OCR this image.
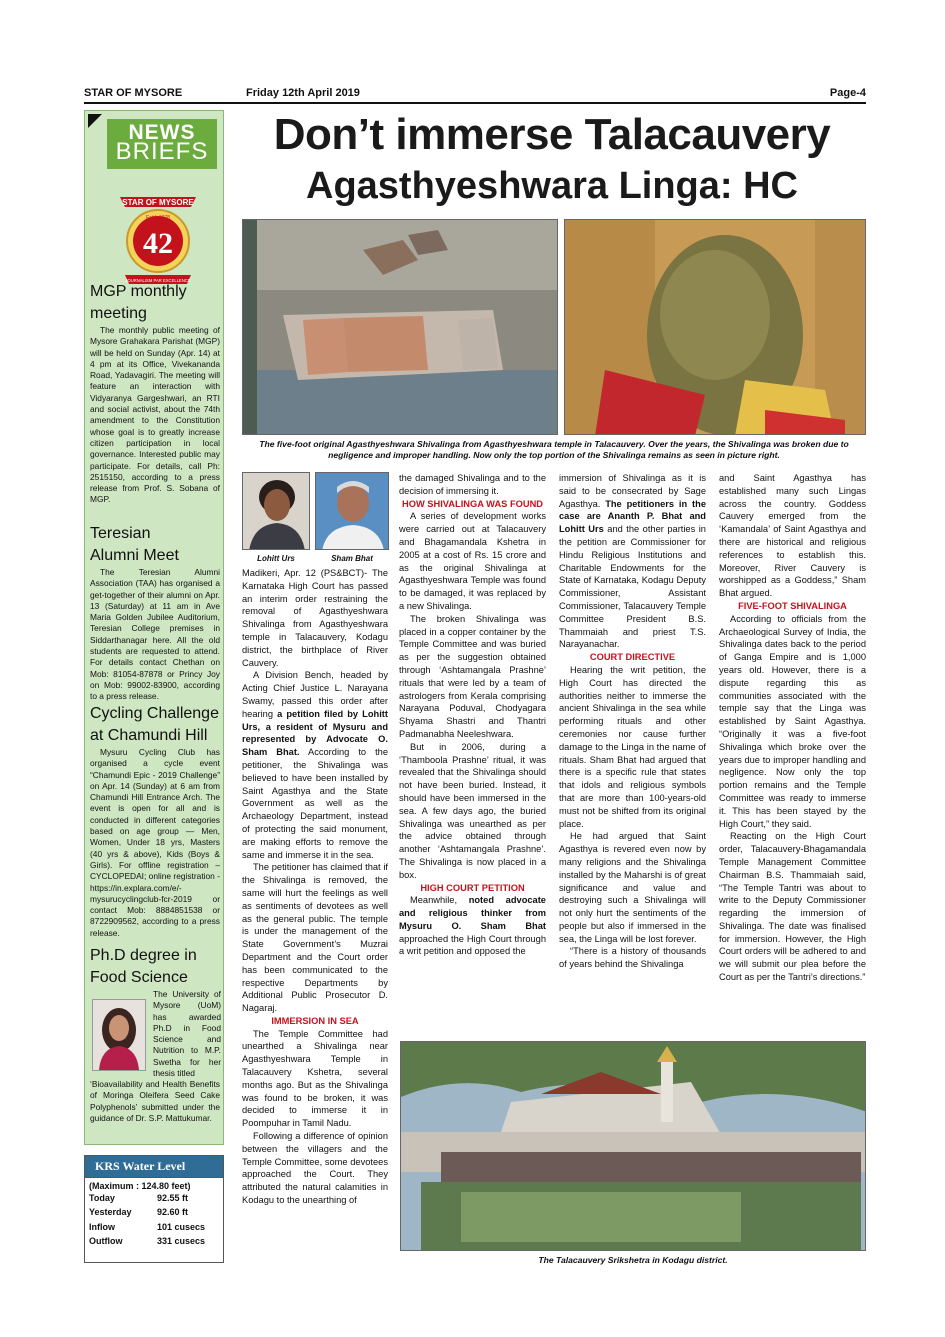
STAR OF MYSORE	Friday 12th April 2019	Page-4
NEWS
BRIEFS
STAR OF MYSORE
Estd. 1978
42
JOURNALISM PAR EXCELLENCE
MGP monthly meeting
The monthly public meeting of Mysore Grahakara Parishat (MGP) will be held on Sunday (Apr. 14) at 4 pm at its Office, Vivekananda Road, Yadavagiri. The meeting will feature an interaction with Vidyaranya Gargeshwari, an RTI and social activist, about the 74th amendment to the Constitution whose goal is to greatly increase citizen participation in local governance. Interested public may participate. For details, call Ph: 2515150, according to a press release from Prof. S. Sobana of MGP.
Teresian Alumni Meet
The Teresian Alumni Association (TAA) has organised a get-together of their alumni on Apr. 13 (Saturday) at 11 am in Ave Maria Golden Jubilee Auditorium, Teresian College premises in Siddarthanagar here. All the old students are requested to attend. For details contact Chethan on Mob: 81054-87878 or Princy Joy on Mob: 99002-83900, according to a press release.
Cycling Challenge at Chamundi Hill
Mysuru Cycling Club has organised a cycle event “Chamundi Epic - 2019 Challenge” on Apr. 14 (Sunday) at 6 am from Chamundi Hill Entrance Arch. The event is open for all and is conducted in different categories based on age group — Men, Women, Under 18 yrs, Masters (40 yrs & above), Kids (Boys & Girls). For offline registration – CYCLOPEDAI; online registration - https://in.explara.com/e/-mysurucyclingclub-fcr-2019 or contact Mob: 8884851538 or 8722909562, according to a press release.
Ph.D degree in Food Science
The University of Mysore (UoM) has awarded Ph.D in Food Science and Nutrition to M.P. Swetha for her thesis titled
‘Bioavailability and Health Benefits of Moringa Oleifera Seed Cake Polyphenols’ submitted under the guidance of Dr. S.P. Mattukumar.
KRS Water Level
(Maximum : 124.80 feet)
Today	92.55 ft
Yesterday	92.60 ft
Inflow	101 cusecs
Outflow	331 cusecs
Don’t immerse Talacauvery
Agasthyeshwara Linga: HC
The five-foot original Agasthyeshwara Shivalinga from Agasthyeshwara temple in Talacauvery. Over the years, the Shivalinga was broken due to negligence and improper handling. Now only the top portion of the Shivalinga remains as seen in picture right.
Lohitt Urs	Sham Bhat

Madikeri, Apr. 12 (PS&BCT)- The Karnataka High Court has passed an interim order restraining the removal of Agasthyeshwara Shivalinga from Agasthyeshwara temple in Talacauvery, Kodagu district, the birthplace of River Cauvery.

A Division Bench, headed by Acting Chief Justice L. Narayana Swamy, passed this order after hearing a petition filed by Lohitt Urs, a resident of Mysuru and represented by Advocate O. Sham Bhat. According to the petitioner, the Shivalinga was believed to have been installed by Saint Agasthya and the State Government as well as the Archaeology Department, instead of protecting the said monument, are making efforts to remove the same and immerse it in the sea.

The petitioner has claimed that if the Shivalinga is removed, the same will hurt the feelings as well as sentiments of devotees as well as the general public. The temple is under the management of the State Government’s Muzrai Department and the Court order has been communicated to the respective Departments by Additional Public Prosecutor D. Nagaraj.

IMMERSION IN SEA

The Temple Committee had unearthed a Shivalinga near Agasthyeshwara Temple in Talacauvery Kshetra, several months ago. But as the Shivalinga was found to be broken, it was decided to immerse it in Poompuhar in Tamil Nadu.

Following a difference of opinion between the villagers and the Temple Committee, some devotees approached the Court. They attributed the natural calamities in Kodagu to the unearthing of

the damaged Shivalinga and to the decision of immersing it.

HOW SHIVALINGA WAS FOUND

A series of development works were carried out at Talacauvery and Bhagamandala Kshetra in 2005 at a cost of Rs. 15 crore and as the original Shivalinga at Agasthyeshwara Temple was found to be damaged, it was replaced by a new Shivalinga.

The broken Shivalinga was placed in a copper container by the Temple Committee and was buried as per the suggestion obtained through ‘Ashtamangala Prashne’ rituals that were led by a team of astrologers from Kerala comprising Narayana Poduval, Chodyagara Shyama Shastri and Thantri Padmanabha Neeleshwara.

But in 2006, during a ‘Thamboola Prashne’ ritual, it was revealed that the Shivalinga should not have been buried. Instead, it should have been immersed in the sea. A few days ago, the buried Shivalinga was unearthed as per the advice obtained through another ‘Ashtamangala Prashne’. The Shivalinga is now placed in a box.

HIGH COURT PETITION

Meanwhile, noted advocate and religious thinker from Mysuru O. Sham Bhat approached the High Court through a writ petition and opposed the

immersion of Shivalinga as it is said to be consecrated by Sage Agasthya. The petitioners in the case are Ananth P. Bhat and Lohitt Urs and the other parties in the petition are Commissioner for Hindu Religious Institutions and Charitable Endowments for the State of Karnataka, Kodagu Deputy Commissioner, Assistant Commissioner, Talacauvery Temple Committee President B.S. Thammaiah and priest T.S. Narayanachar.

COURT DIRECTIVE

Hearing the writ petition, the High Court has directed the authorities neither to immerse the ancient Shivalinga in the sea while performing rituals and other ceremonies nor cause further damage to the Linga in the name of rituals. Sham Bhat had argued that there is a specific rule that states that idols and religious symbols that are more than 100-years-old must not be shifted from its original place.

He had argued that Saint Agasthya is revered even now by many religions and the Shivalinga installed by the Maharshi is of great significance and value and destroying such a Shivalinga will not only hurt the sentiments of the people but also if immersed in the sea, the Linga will be lost forever.

“There is a history of thousands of years behind the Shivalinga

and Saint Agasthya has established many such Lingas across the country. Goddess Cauvery emerged from the ‘Kamandala’ of Saint Agasthya and there are historical and religious references to establish this. Moreover, River Cauvery is worshipped as a Goddess,” Sham Bhat argued.

FIVE-FOOT SHIVALINGA

According to officials from the Archaeological Survey of India, the Shivalinga dates back to the period of Ganga Empire and is 1,000 years old. However, there is a dispute regarding this as communities associated with the temple say that the Linga was established by Saint Agasthya. “Originally it was a five-foot Shivalinga which broke over the years due to improper handling and negligence. Now only the top portion remains and the Temple Committee was ready to immerse it. This has been stayed by the High Court,” they said.

Reacting on the High Court order, Talacauvery-Bhagamandala Temple Management Committee Chairman B.S. Thammaiah said, “The Temple Tantri was about to write to the Deputy Commissioner regarding the immersion of Shivalinga. The date was finalised for immersion. However, the High Court orders will be adhered to and we will submit our plea before the Court as per the Tantri’s directions.”

The Talacauvery Srikshetra in Kodagu district.
